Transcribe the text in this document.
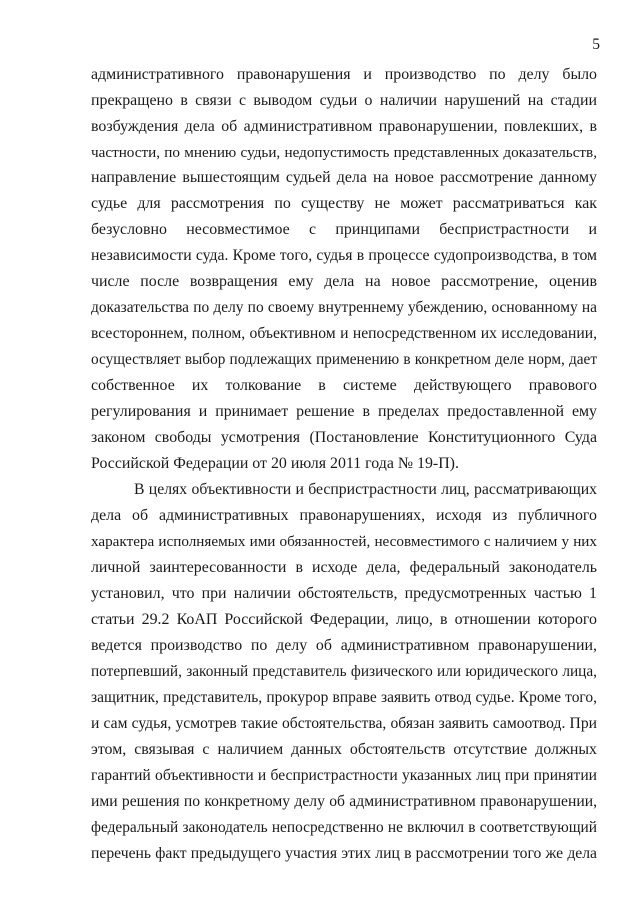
5
административного правонарушения и производство по делу было
прекращено в связи с выводом судьи о наличии нарушений на стадии
возбуждения дела об административном правонарушении, повлекших, в
частности, по мнению судьи, недопустимость представленных доказательств,
направление вышестоящим судьей дела на новое рассмотрение данному
судье для рассмотрения по существу не может рассматриваться как
безусловно несовместимое с принципами беспристрастности и
независимости суда. Кроме того, судья в процессе судопроизводства, в том
числе после возвращения ему дела на новое рассмотрение, оценив
доказательства по делу по своему внутреннему убеждению, основанному на
всестороннем, полном, объективном и непосредственном их исследовании,
осуществляет выбор подлежащих применению в конкретном деле норм, дает
собственное их толкование в системе действующего правового
регулирования и принимает решение в пределах предоставленной ему
законом свободы усмотрения (Постановление Конституционного Суда
Российской Федерации от 20 июля 2011 года № 19-П).
В целях объективности и беспристрастности лиц, рассматривающих
дела об административных правонарушениях, исходя из публичного
характера исполняемых ими обязанностей, несовместимого с наличием у них
личной заинтересованности в исходе дела, федеральный законодатель
установил, что при наличии обстоятельств, предусмотренных частью 1
статьи 29.2 КоАП Российской Федерации, лицо, в отношении которого
ведется производство по делу об административном правонарушении,
потерпевший, законный представитель физического или юридического лица,
защитник, представитель, прокурор вправе заявить отвод судье. Кроме того,
и сам судья, усмотрев такие обстоятельства, обязан заявить самоотвод. При
этом, связывая с наличием данных обстоятельств отсутствие должных
гарантий объективности и беспристрастности указанных лиц при принятии
ими решения по конкретному делу об административном правонарушении,
федеральный законодатель непосредственно не включил в соответствующий
перечень факт предыдущего участия этих лиц в рассмотрении того же дела
